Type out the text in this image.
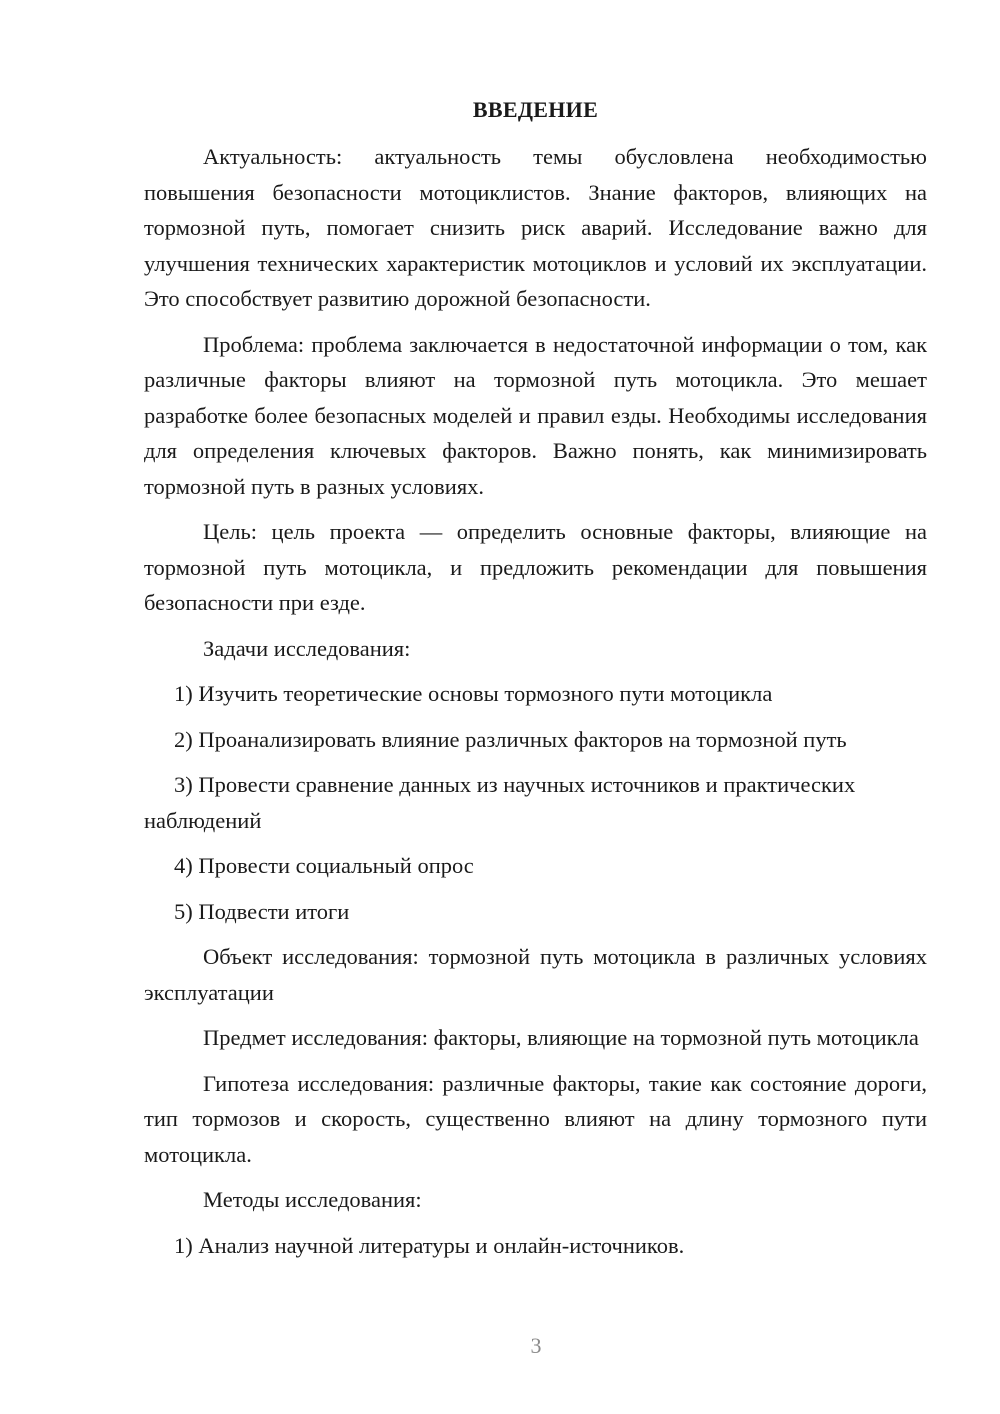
ВВЕДЕНИЕ

Актуальность: актуальность темы обусловлена необходимостью повышения безопасности мотоциклистов. Знание факторов, влияющих на тормозной путь, помогает снизить риск аварий. Исследование важно для улучшения технических характеристик мотоциклов и условий их эксплуатации. Это способствует развитию дорожной безопасности.

Проблема: проблема заключается в недостаточной информации о том, как различные факторы влияют на тормозной путь мотоцикла. Это мешает разработке более безопасных моделей и правил езды. Необходимы исследования для определения ключевых факторов. Важно понять, как минимизировать тормозной путь в разных условиях.

Цель: цель проекта — определить основные факторы, влияющие на тормозной путь мотоцикла, и предложить рекомендации для повышения безопасности при езде.

Задачи исследования:

1) Изучить теоретические основы тормозного пути мотоцикла

2) Проанализировать влияние различных факторов на тормозной путь

3) Провести сравнение данных из научных источников и практических наблюдений

4) Провести социальный опрос

5) Подвести итоги

Объект исследования: тормозной путь мотоцикла в различных условиях эксплуатации

Предмет исследования: факторы, влияющие на тормозной путь мотоцикла

Гипотеза исследования: различные факторы, такие как состояние дороги, тип тормозов и скорость, существенно влияют на длину тормозного пути мотоцикла.

Методы исследования:

1) Анализ научной литературы и онлайн-источников.

3
